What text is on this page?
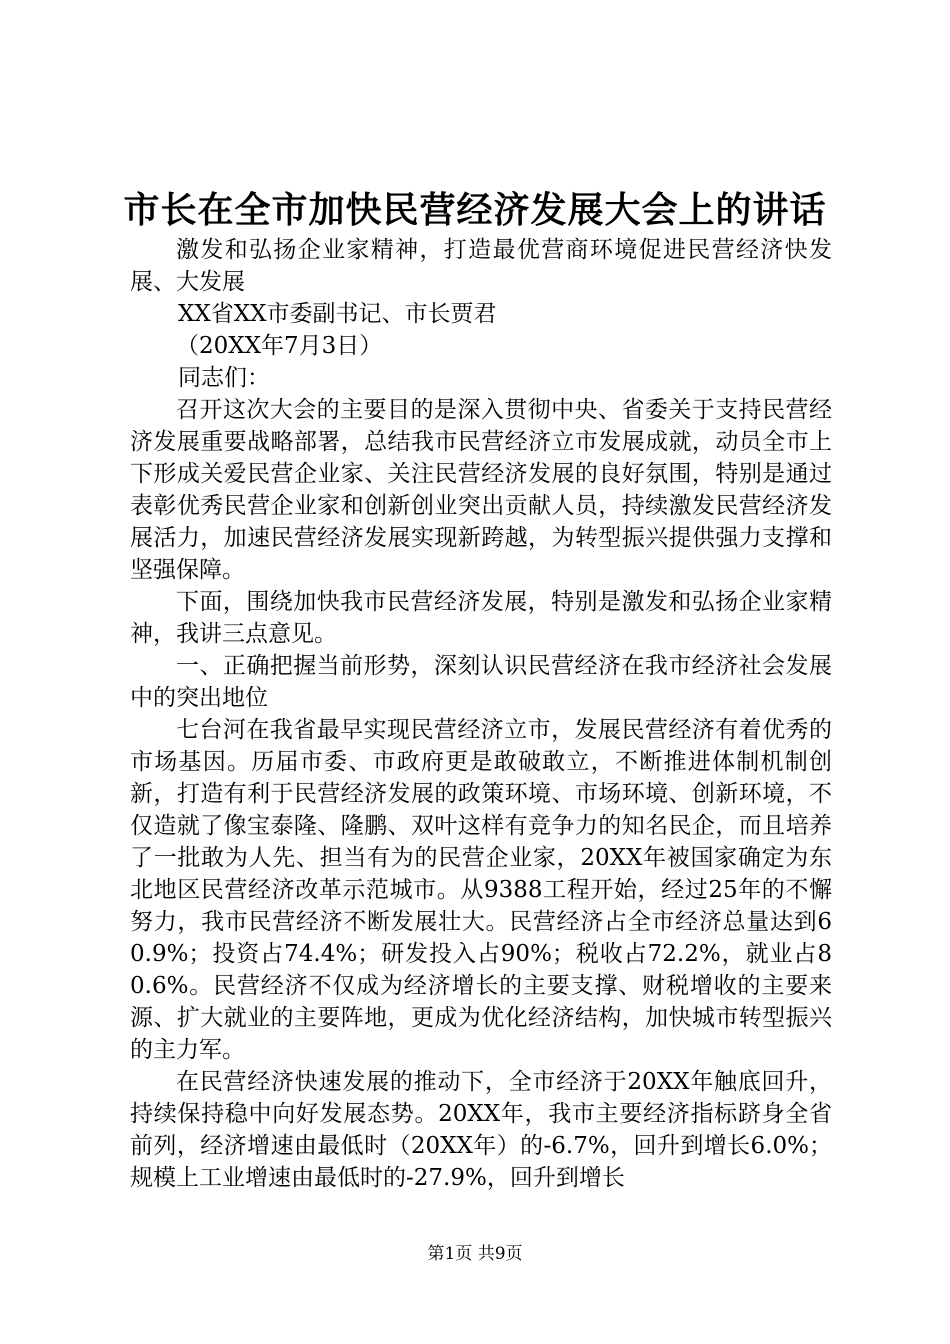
市长在全市加快民营经济发展大会上的讲话

激发和弘扬企业家精神，打造最优营商环境促进民营经济快发展、大发展

XX省XX市委副书记、市长贾君

（20XX年7月3日）

同志们：

召开这次大会的主要目的是深入贯彻中央、省委关于支持民营经济发展重要战略部署，总结我市民营经济立市发展成就，动员全市上下形成关爱民营企业家、关注民营经济发展的良好氛围，特别是通过表彰优秀民营企业家和创新创业突出贡献人员，持续激发民营经济发展活力，加速民营经济发展实现新跨越，为转型振兴提供强力支撑和坚强保障。

下面，围绕加快我市民营经济发展，特别是激发和弘扬企业家精神，我讲三点意见。

一、正确把握当前形势，深刻认识民营经济在我市经济社会发展中的突出地位

七台河在我省最早实现民营经济立市，发展民营经济有着优秀的市场基因。历届市委、市政府更是敢破敢立，不断推进体制机制创新，打造有利于民营经济发展的政策环境、市场环境、创新环境，不仅造就了像宝泰隆、隆鹏、双叶这样有竞争力的知名民企，而且培养了一批敢为人先、担当有为的民营企业家，20XX年被国家确定为东北地区民营经济改革示范城市。从9388工程开始，经过25年的不懈努力，我市民营经济不断发展壮大。民营经济占全市经济总量达到60.9%；投资占74.4%；研发投入占90%；税收占72.2%，就业占80.6%。民营经济不仅成为经济增长的主要支撑、财税增收的主要来源、扩大就业的主要阵地，更成为优化经济结构，加快城市转型振兴的主力军。

在民营经济快速发展的推动下，全市经济于20XX年触底回升，持续保持稳中向好发展态势。20XX年，我市主要经济指标跻身全省前列，经济增速由最低时（20XX年）的-6.7%，回升到增长6.0%；规模上工业增速由最低时的-27.9%，回升到增长

第1页 共9页
